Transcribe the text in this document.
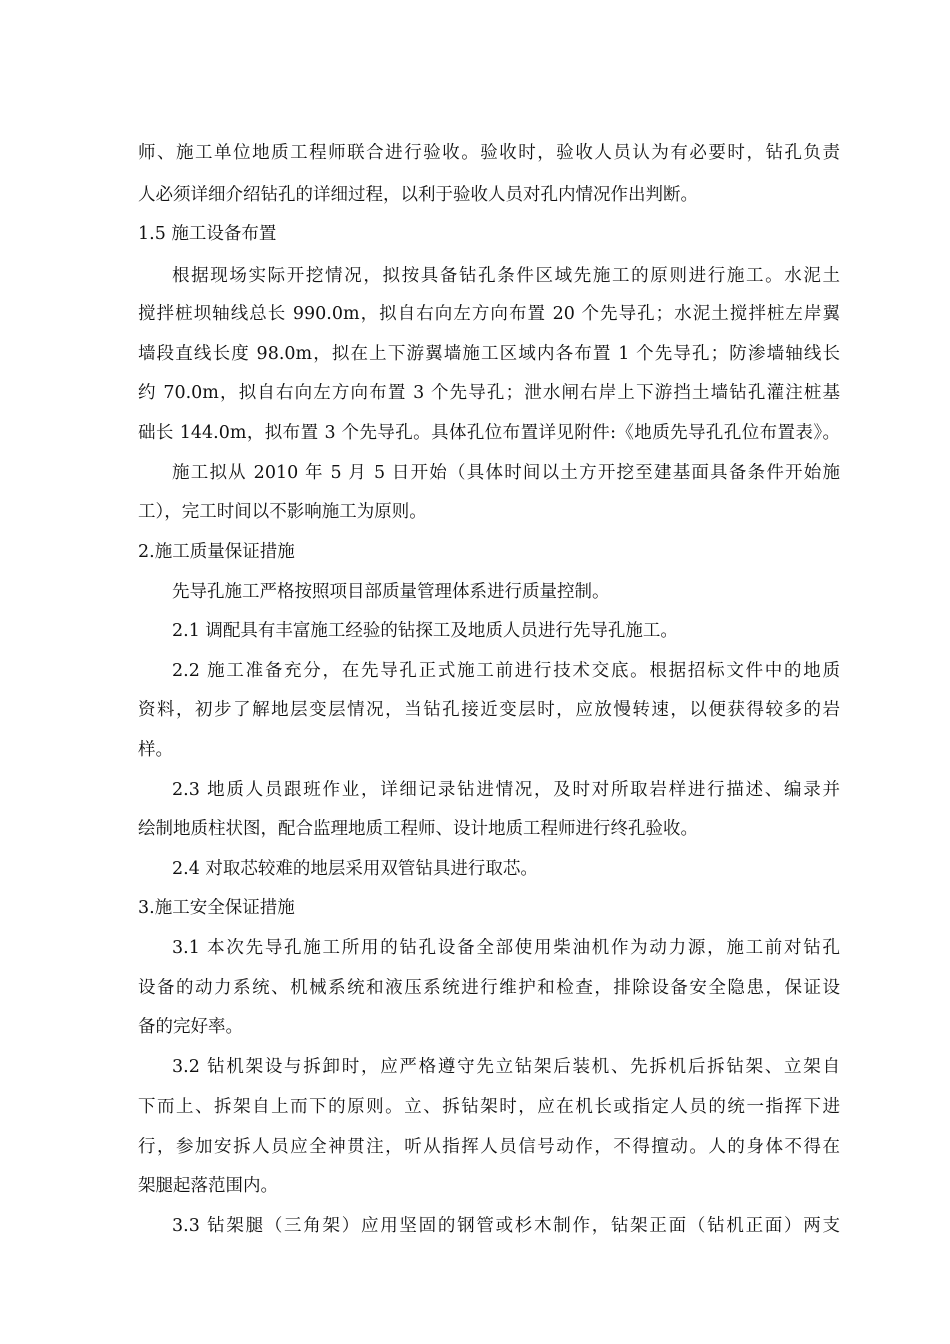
师、施工单位地质工程师联合进行验收。验收时，验收人员认为有必要时，钻孔负责
人必须详细介绍钻孔的详细过程，以利于验收人员对孔内情况作出判断。
1.5 施工设备布置
根据现场实际开挖情况，拟按具备钻孔条件区域先施工的原则进行施工。水泥土
搅拌桩坝轴线总长 990.0m，拟自右向左方向布置 20 个先导孔；水泥土搅拌桩左岸翼
墙段直线长度 98.0m，拟在上下游翼墙施工区域内各布置 1 个先导孔；防渗墙轴线长
约 70.0m，拟自右向左方向布置 3 个先导孔；泄水闸右岸上下游挡土墙钻孔灌注桩基
础长 144.0m，拟布置 3 个先导孔。具体孔位布置详见附件:《地质先导孔孔位布置表》。
施工拟从 2010 年 5 月 5 日开始（具体时间以土方开挖至建基面具备条件开始施
工），完工时间以不影响施工为原则。
2.施工质量保证措施
先导孔施工严格按照项目部质量管理体系进行质量控制。
2.1 调配具有丰富施工经验的钻探工及地质人员进行先导孔施工。
2.2 施工准备充分，在先导孔正式施工前进行技术交底。根据招标文件中的地质
资料，初步了解地层变层情况，当钻孔接近变层时，应放慢转速，以便获得较多的岩
样。
2.3 地质人员跟班作业，详细记录钻进情况，及时对所取岩样进行描述、编录并
绘制地质柱状图，配合监理地质工程师、设计地质工程师进行终孔验收。
2.4 对取芯较难的地层采用双管钻具进行取芯。
3.施工安全保证措施
3.1 本次先导孔施工所用的钻孔设备全部使用柴油机作为动力源，施工前对钻孔
设备的动力系统、机械系统和液压系统进行维护和检查，排除设备安全隐患，保证设
备的完好率。
3.2 钻机架设与拆卸时，应严格遵守先立钻架后装机、先拆机后拆钻架、立架自
下而上、拆架自上而下的原则。立、拆钻架时，应在机长或指定人员的统一指挥下进
行，参加安拆人员应全神贯注，听从指挥人员信号动作，不得擅动。人的身体不得在
架腿起落范围内。
3.3 钻架腿（三角架）应用坚固的钢管或杉木制作，钻架正面（钻机正面）两支
